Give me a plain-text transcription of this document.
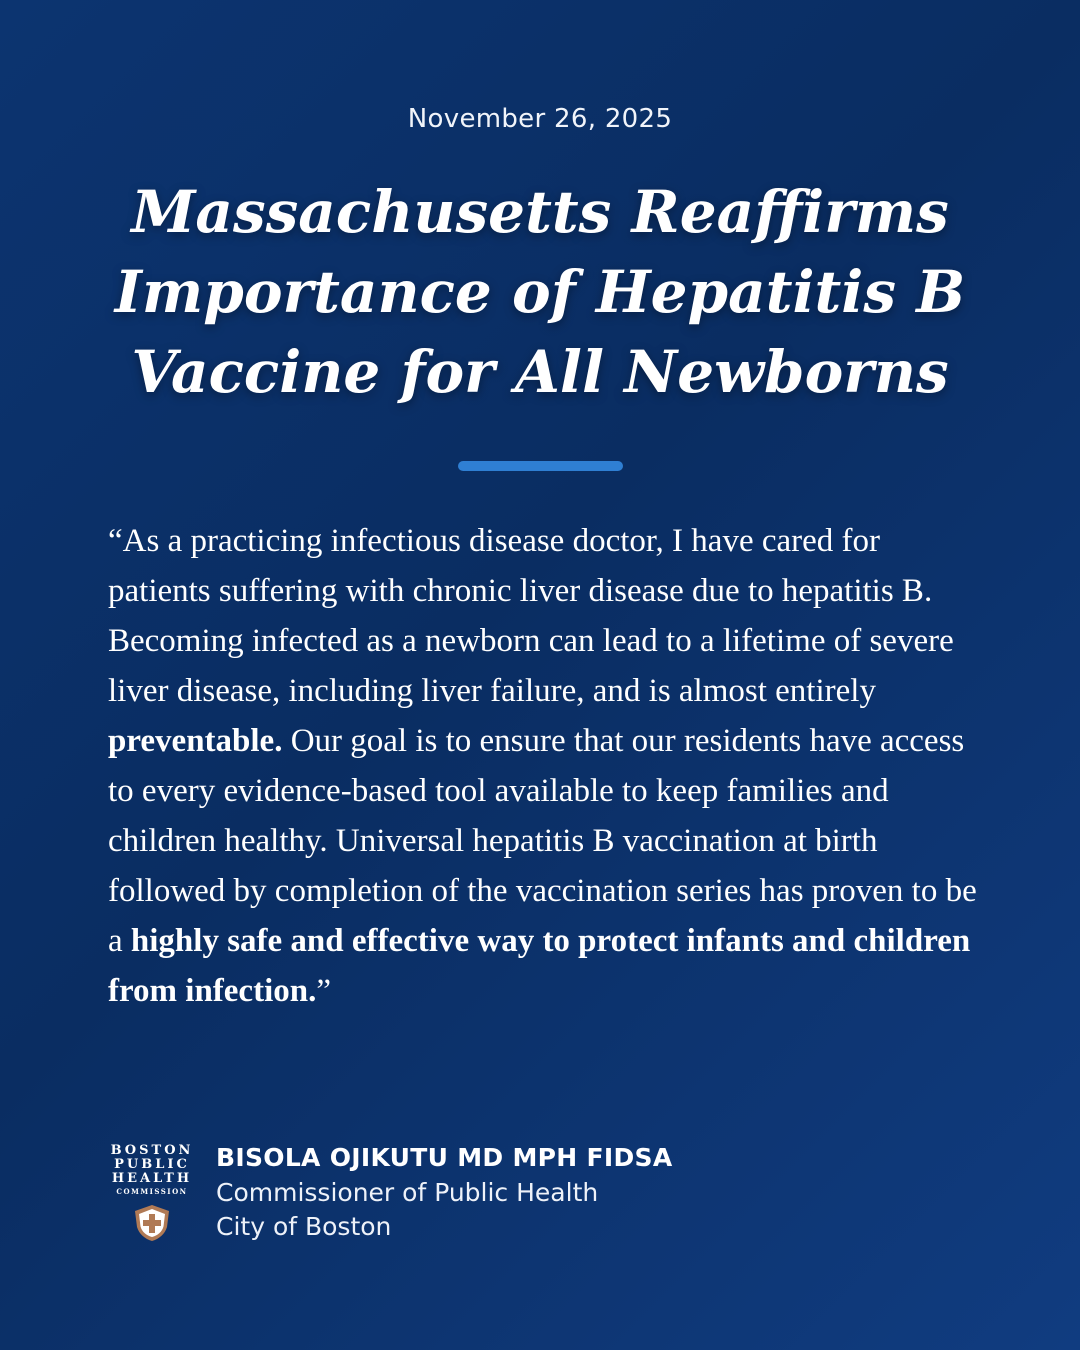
November 26, 2025
Massachusetts Reaffirms
Importance of Hepatitis B
Vaccine for All Newborns

“As a practicing infectious disease doctor, I have cared for patients suffering with chronic liver disease due to hepatitis B. Becoming infected as a newborn can lead to a lifetime of severe liver disease, including liver failure, and is almost entirely preventable. Our goal is to ensure that our residents have access to every evidence-based tool available to keep families and children healthy. Universal hepatitis B vaccination at birth followed by completion of the vaccination series has proven to be a highly safe and effective way to protect infants and children from infection.”

BOSTON
PUBLIC
HEALTH
COMMISSION
BISOLA OJIKUTU MD MPH FIDSA
Commissioner of Public Health
City of Boston
